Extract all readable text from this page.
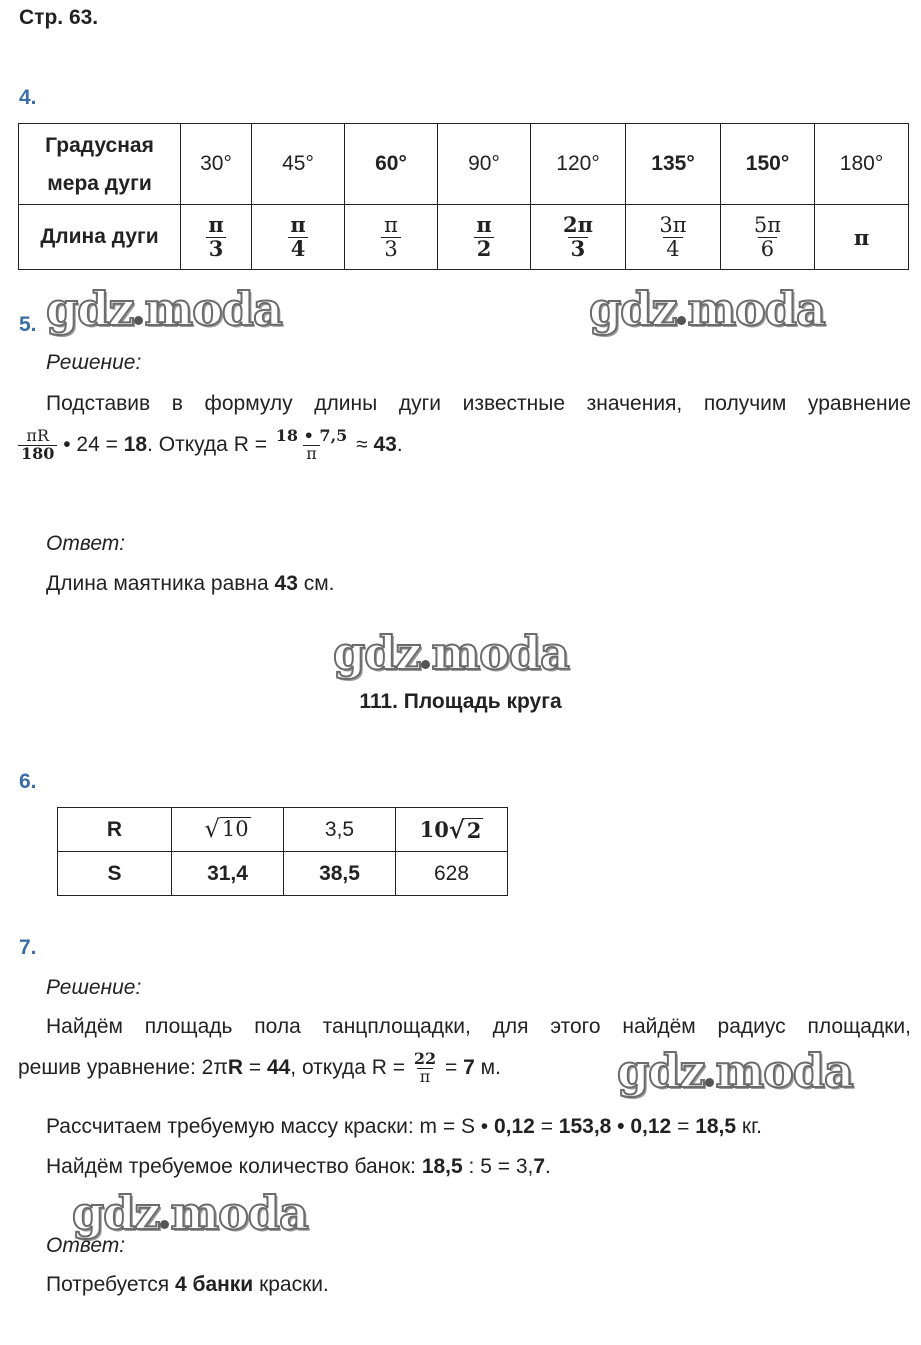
Стр. 63.
4.
Градусная
мера дуги	30°	45°	60°	90°	120°	135°	150°	180°
Длина дуги	$\frac{\pi}{3}$	$\frac{\pi}{4}$	$\frac{\pi}{3}$	$\frac{\pi}{2}$	$\frac{2\pi}{3}$	$\frac{3\pi}{4}$	$\frac{5\pi}{6}$	π
gdz moda	gdz moda
5.
Решение:
Подставив в формулу длины дуги известные значения, получим уравнение
$\frac{\pi R}{180}$ • 24 = 18 . Откуда $R = \frac{18 • 7,5}{\pi} \approx 43$ .
Ответ:
Длина маятника равна 43 см.
gdz moda
111. Площадь круга
6.
R	√ 10	3,5	10 √ 2

S	31,4	38,5	628
7.
Решение:
Найдём площадь пола танцплощадки, для этого найдём радиус площадки,
решив уравнение: 2π R = 44 , откуда $R = \frac{22}{\pi} = 7$ м.	gdz moda
Рассчитаем требуемую массу краски: m = S • 0,12 = 153,8 • 0,12 = 18,5 кг.
Найдём требуемое количество банок: 18,5 : 5 = 3,7.
gdz moda
Ответ:
Потребуется 4 банки краски.
